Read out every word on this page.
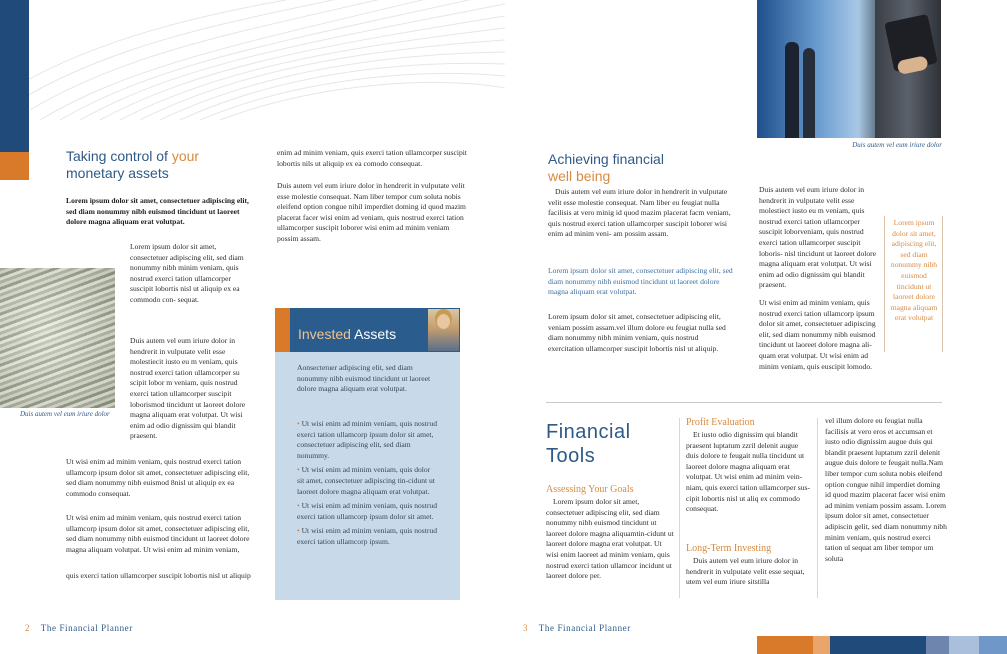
Taking control of your
monetary assets

Lorem ipsum dolor sit amet, consectetuer adipiscing elit, sed diam nonummy nibh euismod tincidunt ut laoreet dolore magna aliquam erat volutpat.

Lorem ipsum dolor sit amet, consectetuer adipiscing elit, sed diam nonummy nibh minim veniam, quis nostrud exerci tation ullamcorper suscipit lobortis nisl ut aliquip ex ea commodo con- sequat.

Duis autem vel eum iriure dolor

Duis autem vel eum iriure dolor in hendrerit in vulputate velit esse molestiecit iusto eu m veniam, quis nostrud exerci tation ullamcorper su scipit lobor m veniam, quis nostrud exerci tation ullamcorper suscipit loborismod tincidunt ut laoreet dolore magna aliquam erat volutpat. Ut wisi enim ad odio dignissim qui blandit praesent.

Ut wisi enim ad minim veniam, quis nostrud exerci tation ullamcorp ipsum dolor sit amet, consectetuer adipiscing elit, sed diam nonummy nibh euismod 8nisl ut aliquip ex ea commodo consequat.

Ut wisi enim ad minim veniam, quis nostrud exerci tation ullamcorp ipsum dolor sit amet, consectetuer adipiscing elit, sed diam nonummy nibh euismod tincidunt ut laoreet dolore magna aliquam volutpat. Ut wisi enim ad minim veniam,

quis exerci tation ullamcorper suscipit lobortis nisl ut aliquip

enim ad minim veniam, quis exerci tation ullamcorper suscipit lobortis nils ut aliquip ex ea comodo consequat.

Duis autem vel eum iriure dolor in hendrerit in vulputate velit esse molestie consequat. Nam liber tempor cum soluta nobis eleifend option congue nihil imperdiet doming id quod mazim placerat facer wisi enim ad veniam, quis nostrud exerci tation ullamcorper suscipit loborer wisi enim ad minim veniam possim assam.

Invested Assets

Aonsectetuer adipiscing elit, sed diam nonummy nibh euismod tincidunt ut laoreet dolore magna aliquam erat volutpat.

• Ut wisi enim ad minim veniam, quis nostrud exerci tation ullamcorp ipsum dolor sit amet, consectetuer adipiscing elit, sed diam nonummy.

• Ut wisi enim ad minim veniam, quis dolor sit amet, consectetuer adipiscing tin-cidunt ut laoreet dolore magna aliquam erat volutpat.

• Ut wisi enim ad minim veniam, quis nostrud exerci tation ullamcorp ipsum dolor sit amet.

• Ut wisi enim ad minim veniam, quis nostrud exerci tation ullamcorp ipsum.

2 The Financial Planner

Duis autem vel eum iriure dolor

Achieving financial
well being

Duis autem vel eum iriure dolor in hendrerit in vulputate velit esse molestie consequat. Nam liber eu feugiat nulla facilisis at vero minig id quod mazim placerat facm veniam, quis nostrud exerci tation ullamcorper suscipit loborer wisi enim ad minim veni- am possim assam.

Lorem ipsum dolor sit amet, consectetuer adipiscing elit, sed diam nonummy nibh euismod tincidunt ut laoreet dolore magna aliquam erat volutpat.

Lorem ipsum dolor sit amet, consectetuer adipiscing elit, veniam possim assam.vel illum dolore eu feugiat nulla sed diam nonummy nibh minim veniam, quis nostrud exercitation ullamcorper suscipit lobortis nisl ut aliquip.

Duis autem vel eum iriure dolor in hendrerit in vulputate velit esse molestiect iusto eu m veniam, quis nostrud exerci tation ullamcorper suscipit loborveniam, quis nostrud exerci tation ullamcorper suscipit loboris- nisl tincidunt ut laoreet dolore magna aliquam erat volutpat. Ut wisi enim ad odio dignissim qui blandit praesent.

Ut wisi enim ad minim veniam, quis nostrud exerci tation ullamcorp ipsum dolor sit amet, consectetuer adipiscing elit, sed diam nonummy nibh euismod tincidunt ut laoreet dolore magna ali- quam erat volutpat. Ut wisi enim ad minim veniam, quis euscipit lomodo.

Lorem ipsum dolor sit amet, adipiscing elit, sed diam nonummy nibh euismod tincidunt ut laoreet dolore magna aliquam erat volutpat

Financial
Tools

Assessing Your Goals

Lorem ipsum dolor sit amet, consectetuer adipiscing elit, sed diam nonummy nibh euismod tincidunt ut laoreet dolore magna aliquamtin-cidunt ut laoreet dolore magna erat volutpat. Ut wisi enim laoreet ad minim veniam, quis nostrud exerci tation ullamcor incidunt ut laoreet dolore per.

Profit Evaluation

Et iusto odio dignissim qui blandit praesent luptatum zzril delenit augue duis dolore te feugait nulla tincidunt ut laoreet dolore magna aliquam erat volutpat. Ut wisi enim ad minim vein-niam, quis exerci tation ullamcorper sus- cipit lobortis nisl ut aliq ex commodo consequat.

Long-Term Investing

Duis autem vel eum iriure dolor in hendrerit in vulputate velit esse sequat, utem vel eum iriure sitstilla

vel illum dolore eu feugiat nulla facilisis at vero eros et accumsan et iusto odio dignissim augue duis qui blandit praesent luptatum zzril delenit augue duis dolore te feugait nulla.Nam liber tempor cum soluta nobis eleifend option congue nihil imperdiet doming id quod mazim placerat facer wisi enim ad minim veniam possim assam. Lorem ipsum dolor sit amet, consectetuer adipiscin gelit, sed diam nonummy nibh minim veniam, quis nostrud exerci tation ul sequat am liber tempor um soluta

3 The Financial Planner
